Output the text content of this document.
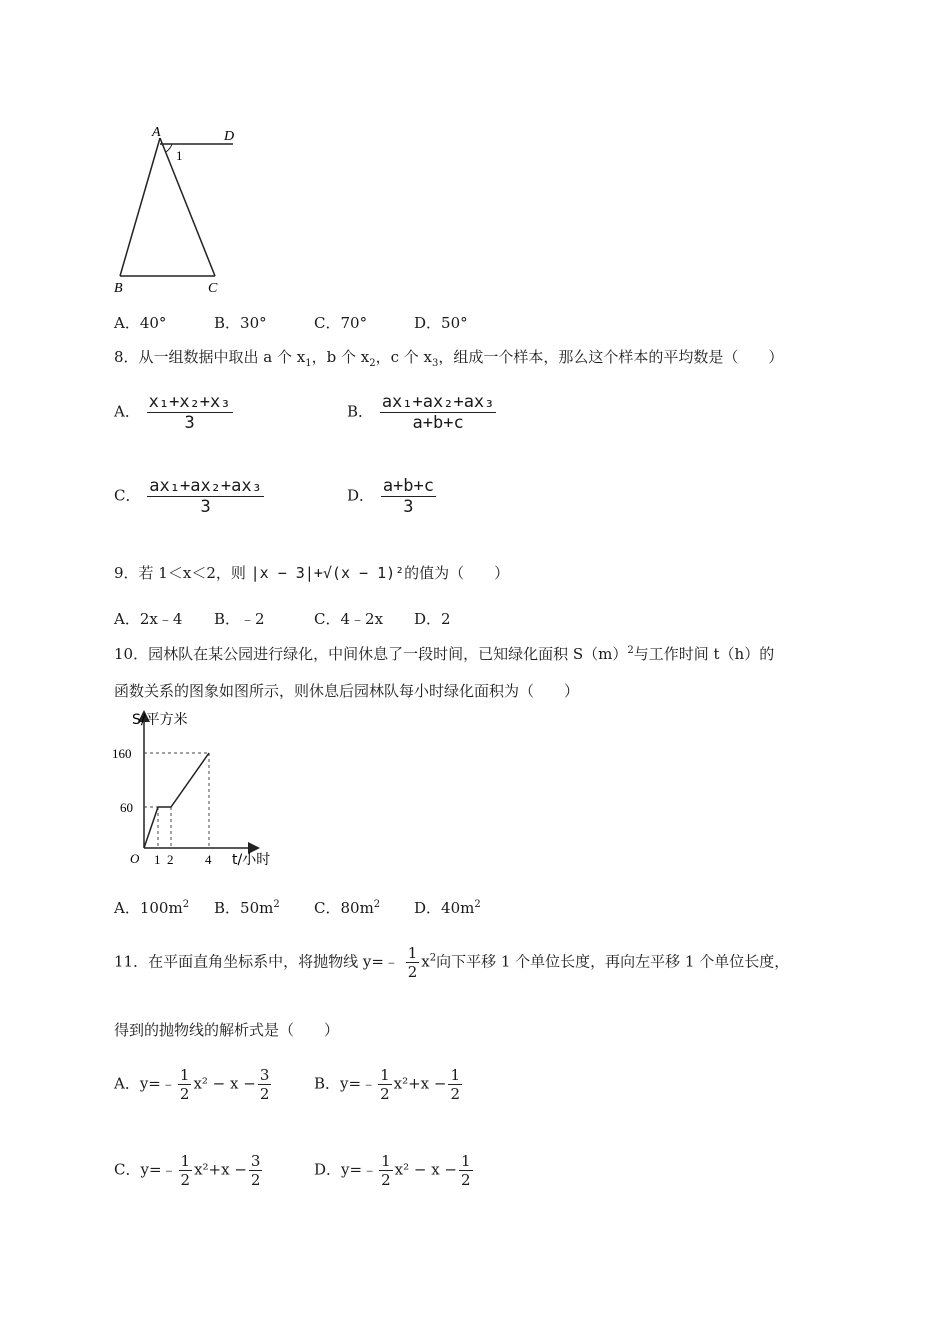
A	D
B	C
1
A．40°	B．30°	C．70°	D．50°
8．从一组数据中取出 a 个 $x_1$，b 个 $x_2$，c 个 $x_3$，组成一个样本，那么这个样本的平均数是（　　）
A． $\frac{\text{x₁+x₂+x₃}}{3}$	B． $\frac{\text{ax₁+ax₂+ax₃}}{a+b+c}$
C． $\frac{\text{ax₁+ax₂+ax₃}}{3}$	D． $\frac{a+b+c}{3}$
9．若 1＜x＜2，则 |x − 3|+√(x − 1)²的值为（　　）
A．2x﹣4 B．﹣2	C．4﹣2x D．2
10．园林队在某公园进行绿化，中间休息了一段时间，已知绿化面积 $S(m)^2$与工作时间 t（h）的
函数关系的图象如图所示，则休息后园林队每小时绿化面积为（　　）
S/平方米
t/小时
O
160
60
1 2 4
A．$100m^2$ B．$50m^2$ C．$80m^2$ D．$40m^2$
11．在平面直角坐标系中，将抛物线 y=﹣ $\frac{1}{2} x^2$向下平移 1 个单位长度，再向左平移 1 个单位长度，
得到的抛物线的解析式是（　　）
A．y=﹣ $\frac{1}{2} x^2 - x - \frac{3}{2}$	B．y=﹣ $\frac{1}{2} x^2+x - \frac{1}{2}$
C．y=﹣ $\frac{1}{2} x^2+x - \frac{3}{2}$	D．y=﹣ $\frac{1}{2} x^2 - x - \frac{1}{2}$
